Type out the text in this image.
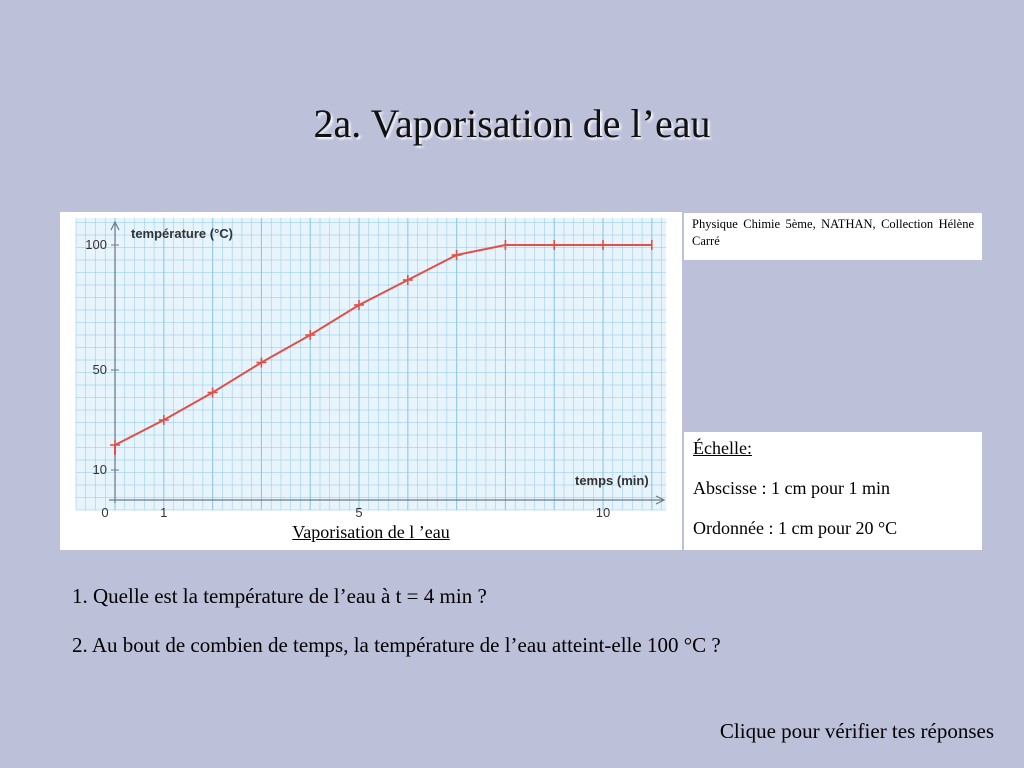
2a. Vaporisation de l’eau
10
50
100
0	1	5	10
température (°C)
temps (min)
Vaporisation de l ’eau
Physique Chimie 5ème, NATHAN, Collection Hélène Carré
Échelle:
Abscisse : 1 cm pour 1 min
Ordonnée : 1 cm pour 20 °C
1. Quelle est la température de l’eau à t = 4 min ?
2. Au bout de combien de temps, la température de l’eau atteint-elle 100 °C ?
Clique pour vérifier tes réponses
